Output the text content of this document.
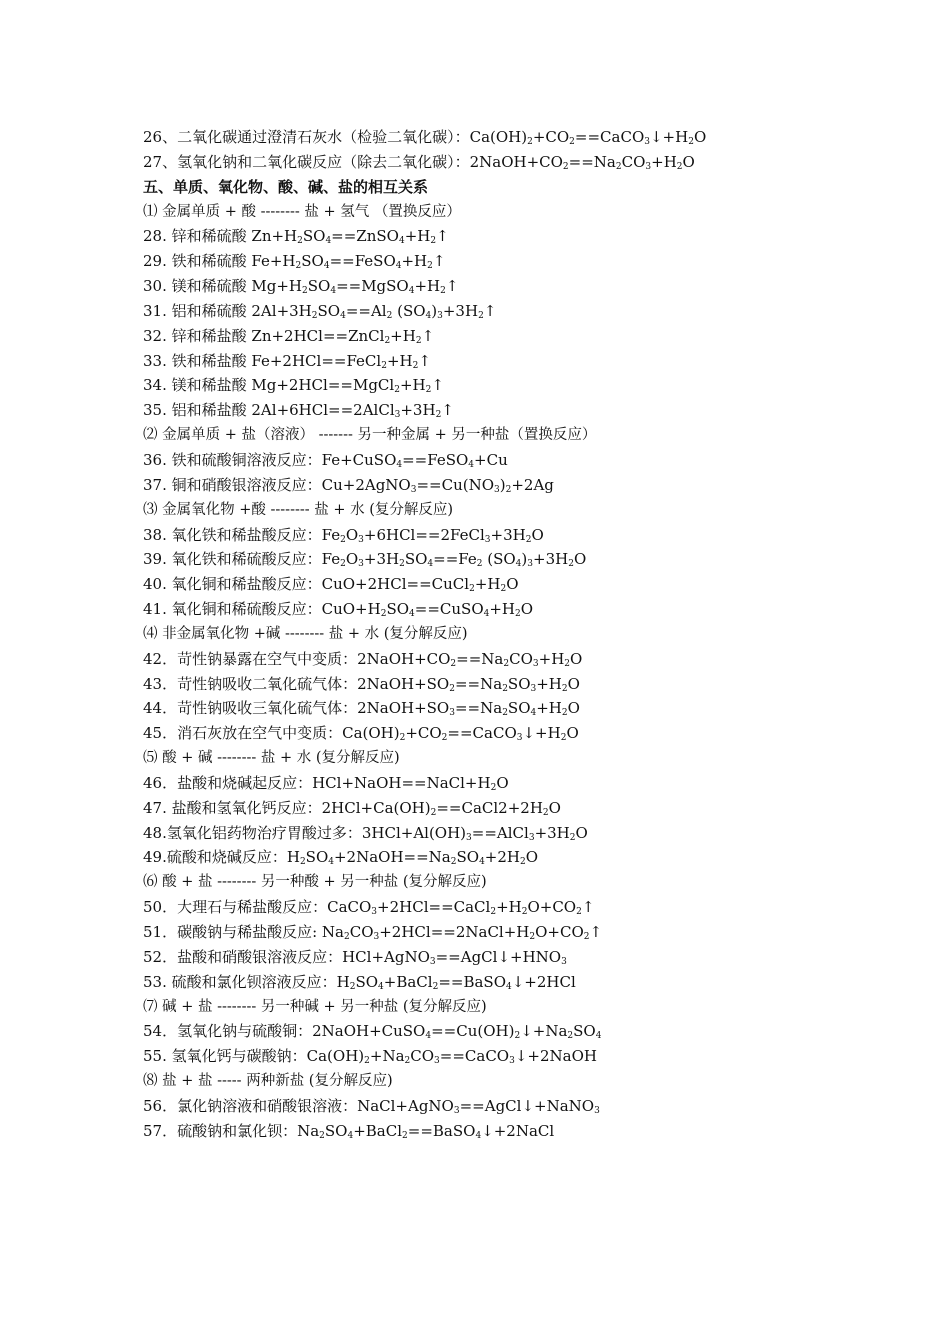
26、二氧化碳通过澄清石灰水（检验二氧化碳）：$Ca(OH)_2+CO_2==CaCO_3↓+H_2O$
27、氢氧化钠和二氧化碳反应（除去二氧化碳）：$2NaOH+CO_2==Na_2CO_3+H_2O$
五、单质、氧化物、酸、碱、盐的相互关系
⑴ 金属单质 + 酸 -------- 盐 + 氢气 （置换反应）
28. 锌和稀硫酸 $Zn+H_2SO_4==ZnSO_4+H_2↑$
29. 铁和稀硫酸 $Fe+H_2SO_4==FeSO_4+H_2↑$
30. 镁和稀硫酸 $Mg+H_2SO_4==MgSO_4+H_2↑$
31. 铝和稀硫酸 $2Al+3H_2SO_4==Al_2$ $(SO_4)_3+3H_2↑$
32. 锌和稀盐酸 $Zn+2HCl==ZnCl_2+H_2↑$
33. 铁和稀盐酸 $Fe+2HCl==FeCl_2+H_2↑$
34. 镁和稀盐酸 $Mg+2HCl==MgCl_2+H_2↑$
35. 铝和稀盐酸 $2Al+6HCl==2AlCl_3+3H_2↑$
⑵ 金属单质 + 盐（溶液） ------- 另一种金属 + 另一种盐（置换反应）
36. 铁和硫酸铜溶液反应：Fe+CuSO$_4$==FeSO$_4$+Cu
37. 铜和硝酸银溶液反应：$Cu+2AgNO_3==Cu(NO_3)_2+2Ag$
⑶ 金属氧化物 +酸 -------- 盐 + 水 (复分解反应)
38. 氧化铁和稀盐酸反应：$Fe_2O_3+6HCl==2FeCl_3+3H_2O$
39. 氧化铁和稀硫酸反应：$Fe_2O_3+3H_2SO_4==Fe_2$ $(SO_4)_3+3H_2O$
40. 氧化铜和稀盐酸反应：$CuO+2HCl==CuCl_2+H_2O$
41. 氧化铜和稀硫酸反应：$CuO+H_2SO_4==CuSO_4+H_2O$
⑷ 非金属氧化物 +碱 -------- 盐 + 水 (复分解反应)
42．苛性钠暴露在空气中变质：$2NaOH+CO_2==Na_2CO_3+H_2O$
43．苛性钠吸收二氧化硫气体：$2NaOH+SO_2==Na_2SO_3+H_2O$
44．苛性钠吸收三氧化硫气体：$2NaOH+SO_3==Na_2SO_4+H_2O$
45．消石灰放在空气中变质：$Ca(OH)_2+CO_2==CaCO_3↓+H_2O$
⑸ 酸 + 碱 -------- 盐 + 水 (复分解反应)
46．盐酸和烧碱起反应：$HCl+NaOH==NaCl+H_2O$
47. 盐酸和氢氧化钙反应：$2HCl+Ca(OH)_2==CaCl2+2H_2O$
48.氢氧化铝药物治疗胃酸过多：$3HCl+Al(OH)_3==AlCl_3+3H_2O$
49.硫酸和烧碱反应：$H_2SO_4+2NaOH==Na_2SO_4+2H_2O$
⑹ 酸 + 盐 -------- 另一种酸 + 另一种盐 (复分解反应)
50．大理石与稀盐酸反应：$CaCO_3+2HCl==CaCl_2+H_2O+CO_2↑$
51．碳酸钠与稀盐酸反应: $Na_2CO_3+2HCl==2NaCl+H_2O+CO_2↑$
52．盐酸和硝酸银溶液反应：$HCl+AgNO_3==AgCl↓+HNO_3$
53. 硫酸和氯化钡溶液反应：$H_2SO_4+BaCl_2==BaSO_4↓+2HCl$
⑺ 碱 + 盐 -------- 另一种碱 + 另一种盐 (复分解反应)
54．氢氧化钠与硫酸铜：$2NaOH+CuSO_4==Cu(OH)_2↓+Na_2SO_4$
55. 氢氧化钙与碳酸钠：$Ca(OH)_2+Na_2CO_3==CaCO_3↓+2NaOH$
⑻ 盐 + 盐 ----- 两种新盐 (复分解反应)
56．氯化钠溶液和硝酸银溶液：NaCl+AgNO$_3$==AgCl↓+NaNO$_3$
57．硫酸钠和氯化钡：$Na_2SO_4+BaCl_2==BaSO_4↓+2NaCl$
